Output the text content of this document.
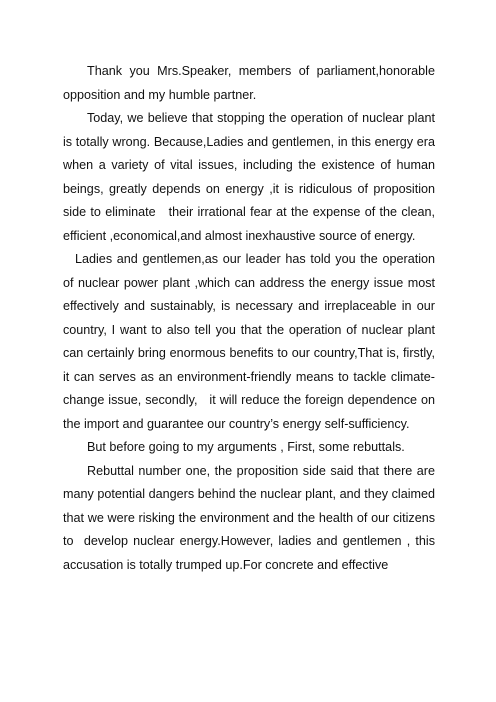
Thank you Mrs.Speaker, members of parliament,honorable opposition and my humble partner.

Today, we believe that stopping the operation of nuclear plant is totally wrong. Because,Ladies and gentlemen, in this energy era when a variety of vital issues, including the existence of human beings, greatly depends on energy ,it is ridiculous of proposition side to eliminate   their irrational fear at the expense of the clean, efficient ,economical,and almost inexhaustive source of energy.

Ladies and gentlemen,as our leader has told you the operation of nuclear power plant ,which can address the energy issue most effectively and sustainably, is necessary and irreplaceable in our country, I want to also tell you that the operation of nuclear plant can certainly bring enormous benefits to our country,That is, firstly, it can serves as an environment-friendly means to tackle climate-change issue, secondly,   it will reduce the foreign dependence on the import and guarantee our country’s energy self-sufficiency.

But before going to my arguments , First, some rebuttals.

Rebuttal number one, the proposition side said that there are many potential dangers behind the nuclear plant, and they claimed that we were risking the environment and the health of our citizens to  develop nuclear energy.However, ladies and gentlemen , this accusation is totally trumped up.For concrete and effective
